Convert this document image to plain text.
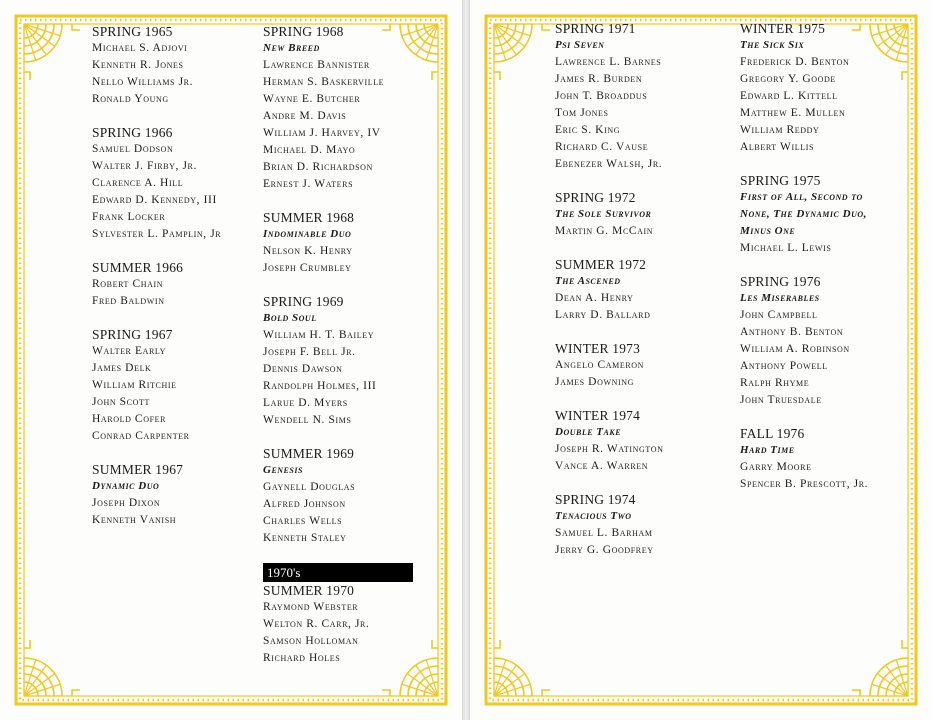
SPRING 1965
Michael S. Adjovi
Kenneth R. Jones
Nello Williams Jr.
Ronald Young
SPRING 1966
Samuel Dodson
Walter J. Firby, Jr.
Clarence A. Hill
Edward D. Kennedy, III
Frank Locker
Sylvester L. Pamplin, Jr
SUMMER 1966
Robert Chain
Fred Baldwin
SPRING 1967
Walter Early
James Delk
William Ritchie
John Scott
Harold Cofer
Conrad Carpenter
SUMMER 1967
Dynamic Duo
Joseph Dixon
Kenneth Vanish
SPRING 1968
New Breed
Lawrence Bannister
Herman S. Baskerville
Wayne E. Butcher
Andre M. Davis
William J. Harvey, IV
Michael D. Mayo
Brian D. Richardson
Ernest J. Waters
SUMMER 1968
Indominable Duo
Nelson K. Henry
Joseph Crumbley
SPRING 1969
Bold Soul
William H. T. Bailey
Joseph F. Bell Jr.
Dennis Dawson
Randolph Holmes, III
Larue D. Myers
Wendell N. Sims
SUMMER 1969
Genesis
Gaynell Douglas
Alfred Johnson
Charles Wells
Kenneth Staley
1970's
SUMMER 1970
Raymond Webster
Welton R. Carr, Jr.
Samson Holloman
Richard Holes
SPRING 1971
Psi Seven
Lawrence L. Barnes
James R. Burden
John T. Broaddus
Tom Jones
Eric S. King
Richard C. Vause
Ebenezer Walsh, Jr.
SPRING 1972
The Sole Survivor
Martin G. McCain
SUMMER 1972
The Ascened
Dean A. Henry
Larry D. Ballard
WINTER 1973
Angelo Cameron
James Downing
WINTER 1974
Double Take
Joseph R. Watington
Vance A. Warren
SPRING 1974
Tenacious Two
Samuel L. Barham
Jerry G. Goodfrey
WINTER 1975
The Sick Six
Frederick D. Benton
Gregory Y. Goode
Edward L. Kittell
Matthew E. Mullen
William Reddy
Albert Willis
SPRING 1975
First of All, Second to
None, The Dynamic Duo,
Minus One
Michael L. Lewis
SPRING 1976
Les Miserables
John Campbell
Anthony B. Benton
William A. Robinson
Anthony Powell
Ralph Rhyme
John Truesdale
FALL 1976
Hard Time
Garry Moore
Spencer B. Prescott, Jr.
